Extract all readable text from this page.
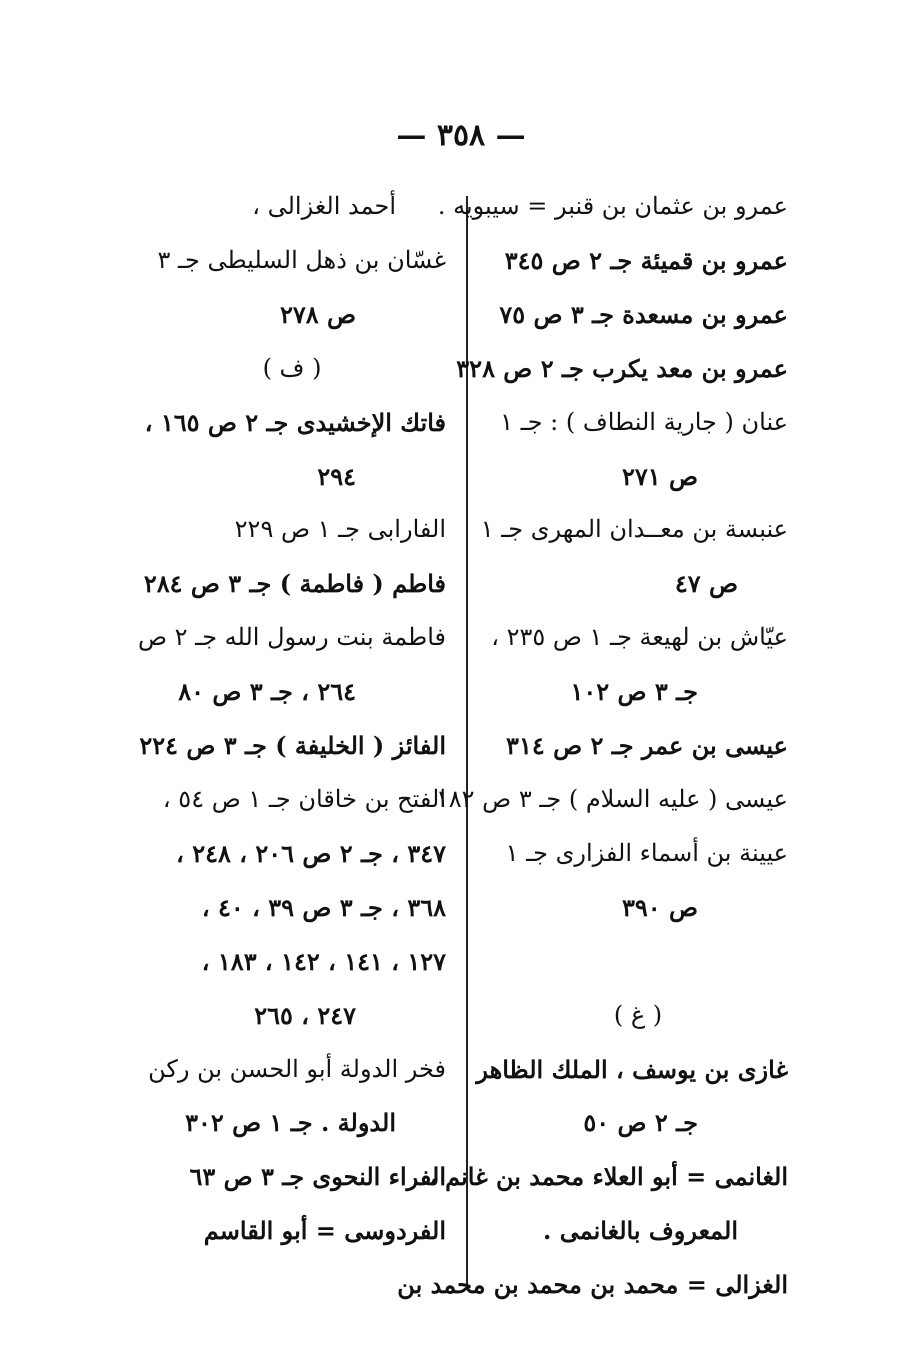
— ٣٥٨ —
عمرو بن عثمان بن قنبر = سيبويه .
عمرو بن قميئة جـ ٢ ص ٣٤٥
عمرو بن مسعدة جـ ٣ ص ٧٥
عمرو بن معد يكرب جـ ٢ ص ٣٢٨
عنان ( جارية النطاف ) : جـ ١
ص ٢٧١
عنبسة بن معــدان المهرى جـ ١
ص ٤٧
عيّاش بن لهيعة جـ ١ ص ٢٣٥ ،
جـ ٣ ص ١٠٢
عيسى بن عمر جـ ٢ ص ٣١٤
عيسى ( عليه السلام ) جـ ٣ ص ١٨٢
عيينة بن أسماء الفزارى جـ ١
ص ٣٩٠

( غ )
غازى بن يوسف ، الملك الظاهر
جـ ٢ ص ٥٠
الغانمى = أبو العلاء محمد بن غانم ،
المعروف بالغانمى .
الغزالى = محمد بن محمد بن محمد بن
أحمد الغزالى ،
غسّان بن ذهل السليطى جـ ٣
ص ٢٧٨
( ف )
فاتك الإخشيدى جـ ٢ ص ١٦٥ ،
٢٩٤
الفارابى جـ ١ ص ٢٢٩
فاطم ( فاطمة ) جـ ٣ ص ٢٨٤
فاطمة بنت رسول الله جـ ٢ ص
٢٦٤ ، جـ ٣ ص ٨٠
الفائز ( الخليفة ) جـ ٣ ص ٢٢٤
الفتح بن خاقان جـ ١ ص ٥٤ ،
٣٤٧ ، جـ ٢ ص ٢٠٦ ، ٢٤٨ ،
٣٦٨ ، جـ ٣ ص ٣٩ ، ٤٠ ،
١٢٧ ، ١٤١ ، ١٤٢ ، ١٨٣ ،
٢٤٧ ، ٢٦٥
فخر الدولة أبو الحسن بن ركن
الدولة . جـ ١ ص ٣٠٢
الفراء النحوى جـ ٣ ص ٦٣
الفردوسى = أبو القاسم
